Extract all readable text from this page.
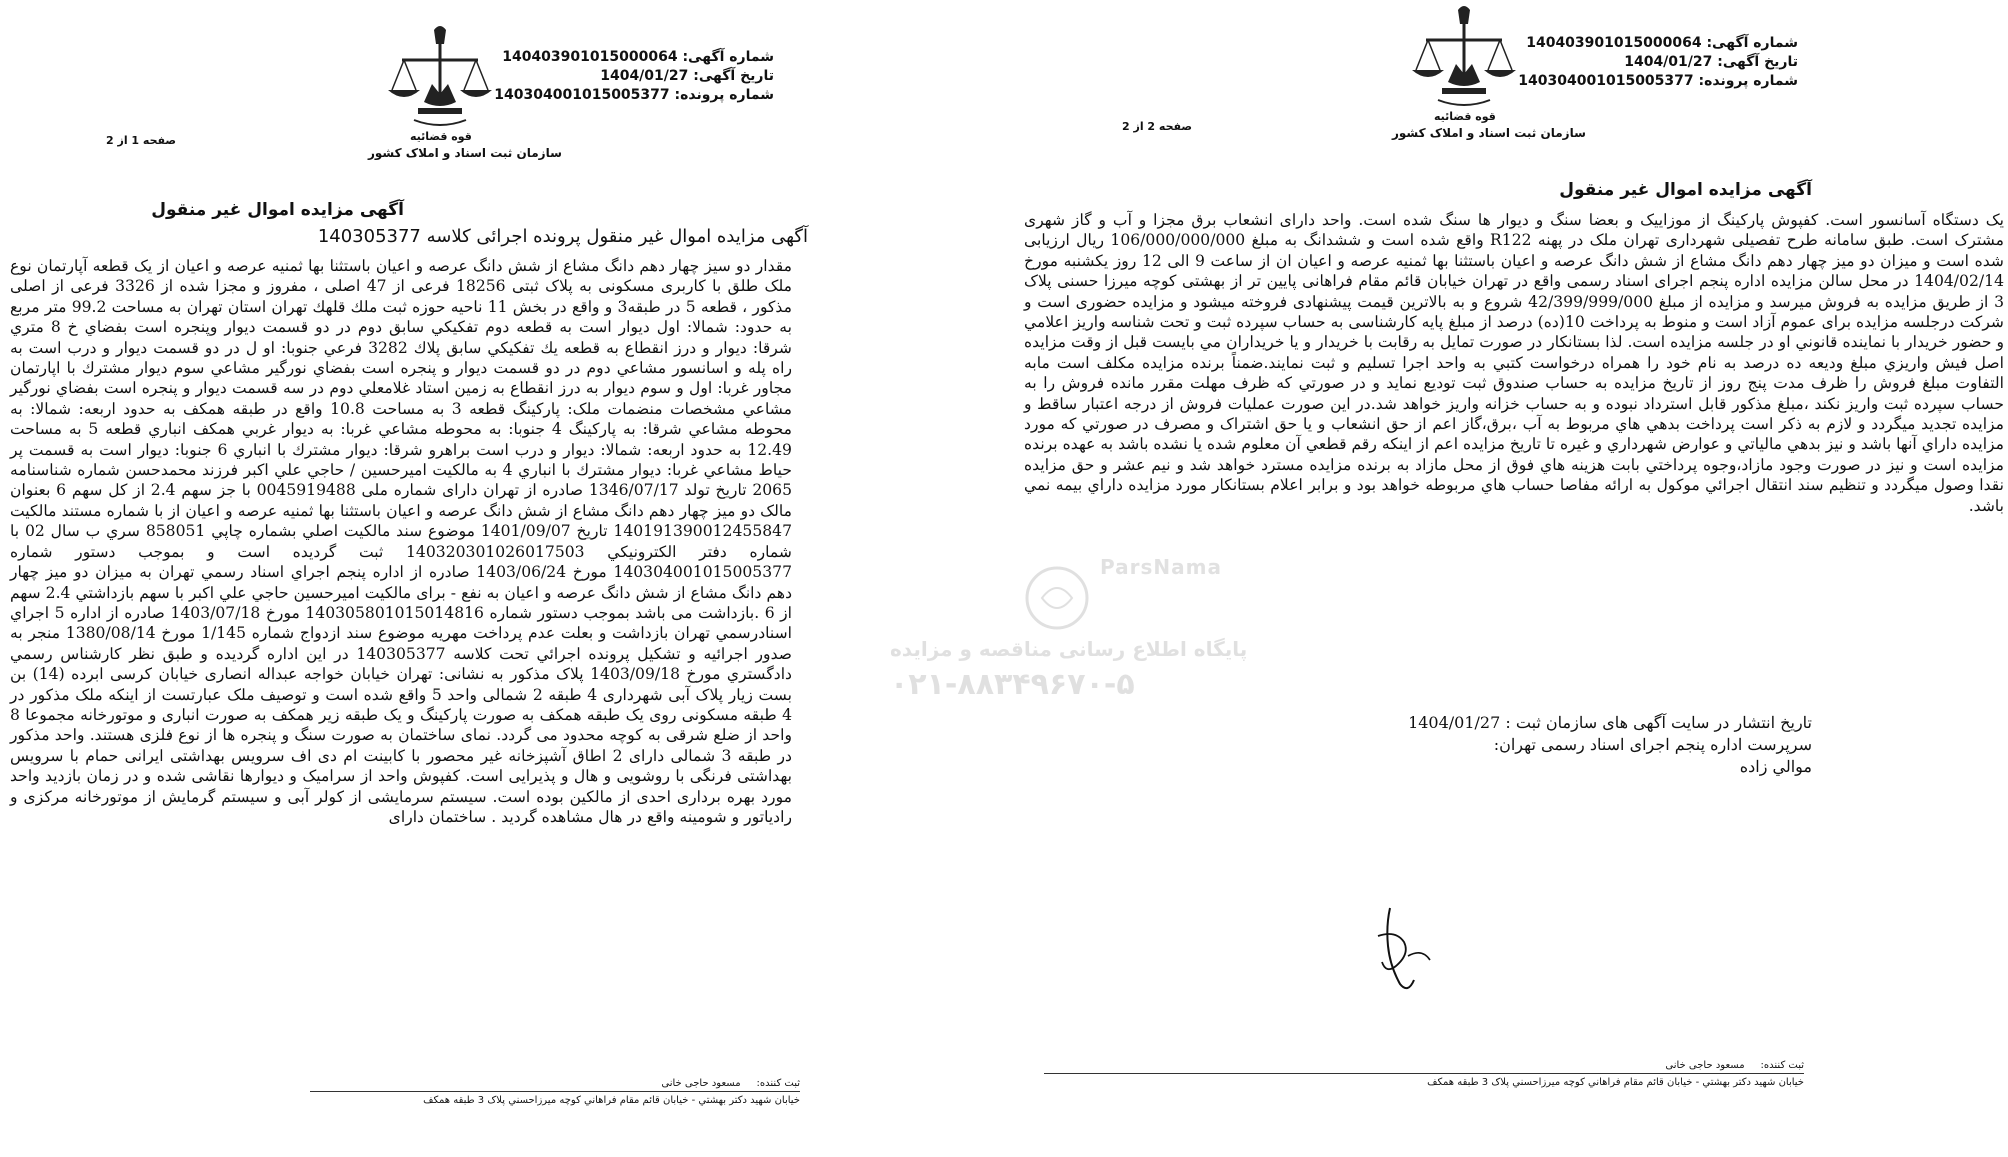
قوه قضائیه
سازمان ثبت اسناد و املاک کشور
شماره آگهی: 140403901015000064
تاریخ آگهی: 1404/01/27
شماره پرونده: 140304001015005377
صفحه 1 از 2
آگهی مزایده اموال غیر منقول
آگهی مزایده اموال غیر منقول پرونده اجرائی کلاسه 140305377

مقدار دو سیز چهار دهم دانگ مشاع از شش دانگ عرصه و اعیان باستثنا بها ثمنیه عرصه و اعیان از یک قطعه آپارتمان نوع ملک طلق با کاربری مسکونی به پلاک ثبتی 18256 فرعی از 47 اصلی ، مفروز و مجزا شده از 3326 فرعی از اصلی مذکور ، قطعه 5 در طبقه3 و واقع در بخش 11 ناحیه حوزه ثبت ملك قلهك تهران استان تهران به مساحت 99.2 متر مربع به حدود: شمالا: اول دیوار است به قطعه دوم تفکیکي سابق دوم در دو قسمت دیوار وپنجره است بفضاي خ 8 متري شرقا: دیوار و درز انقطاع به قطعه یك تفکیکي سابق پلاك 3282 فرعي جنوبا: او ل در دو قسمت دیوار و درب است به راه پله و اسانسور مشاعي دوم در دو قسمت دیوار و پنجره است بفضاي نورگیر مشاعي سوم دیوار مشترك با اپارتمان مجاور غربا: اول و سوم دیوار به درز انقطاع به زمین استاد غلامعلي دوم در سه قسمت دیوار و پنجره است بفضاي نورگیر مشاعي مشخصات منضمات ملک: پارکینگ قطعه 3 به مساحت 10.8 واقع در طبقه همکف به حدود اربعه: شمالا: به محوطه مشاعي شرقا: به پارکینگ 4 جنوبا: به محوطه مشاعي غربا: به دیوار غربي همکف انباري قطعه 5 به مساحت 12.49 به حدود اربعه: شمالا: دیوار و درب است براهرو شرقا: دیوار مشترك با انباري 6 جنوبا: دیوار است به قسمت پر حیاط مشاعي غربا: دیوار مشترك با انباري 4 به مالکیت امیرحسین / حاجي علي اکبر فرزند محمدحسن شماره شناسنامه 2065 تاریخ تولد 1346/07/17 صادره از تهران دارای شماره ملی 0045919488 با جز سهم 2.4 از کل سهم 6 بعنوان مالک دو میز چهار دهم دانگ مشاع از شش دانگ عرصه و اعیان باستثنا بها ثمنیه عرصه و اعیان از با شماره مستند مالکیت 140191390012455847 تاریخ 1401/09/07 موضوع سند مالکیت اصلي بشماره چاپي 858051 سري ب سال 02 با شماره دفتر الکترونیکي 140320301026017503 ثبت گردیده است و بموجب دستور شماره 140304001015005377 مورخ 1403/06/24 صادره از اداره پنجم اجراي اسناد رسمي تهران به میزان دو میز چهار دهم دانگ مشاع از شش دانگ عرصه و اعیان به نفع - برای مالکیت امیرحسین حاجي علي اکبر با سهم بازداشتي 2.4 سهم از 6 .بازداشت می باشد بموجب دستور شماره 140305801015014816 مورخ 1403/07/18 صادره از اداره 5 اجراي اسنادرسمي تهران بازداشت و بعلت عدم پرداخت مهریه موضوع سند ازدواج شماره 1/145 مورخ 1380/08/14 منجر به صدور اجرائیه و تشکیل پرونده اجرائي تحت کلاسه 140305377 در این اداره گردیده و طبق نظر کارشناس رسمي دادگستري مورخ 1403/09/18 پلاک مذکور به نشانی: تهران خیابان خواجه عبداله انصاری خیابان کرسی ابرده (14) بن بست زیار پلاک آبی شهرداری 4 طبقه 2 شمالی واحد 5 واقع شده است و توصیف ملک عبارتست از اینکه ملک مذکور در 4 طبقه مسکونی روی یک طبقه همکف به صورت پارکینگ و یک طبقه زیر همکف به صورت انباری و موتورخانه مجموعا 8 واحد از ضلع شرقی به کوچه محدود می گردد. نمای ساختمان به صورت سنگ و پنجره ها از نوع فلزی هستند. واحد مذکور در طبقه 3 شمالی دارای 2 اطاق آشپزخانه غیر محصور با کابینت ام دی اف سرویس بهداشتی ایرانی حمام با سرویس بهداشتی فرنگی با روشویی و هال و پذیرایی است. کفپوش واحد از سرامیک و دیوارها نقاشی شده و در زمان بازدید واحد مورد بهره برداری احدی از مالکین بوده است. سیستم سرمایشی از کولر آبی و سیستم گرمایش از موتورخانه مرکزی و رادیاتور و شومینه واقع در هال مشاهده گردید . ساختمان دارای

ثبت کننده:
مسعود حاجی خانی
خیابان شهید دکتر بهشتي - خیابان قائم مقام فراهاني کوچه میرزاحسني پلاک 3 طبقه همکف
قوه قضائیه
سازمان ثبت اسناد و املاک کشور
شماره آگهی: 140403901015000064
تاریخ آگهی: 1404/01/27
شماره پرونده: 140304001015005377
صفحه 2 از 2
آگهی مزایده اموال غیر منقول

یک دستگاه آسانسور است. کفپوش پارکینگ از موزاییک و بعضا سنگ و دیوار ها سنگ شده است. واحد دارای انشعاب برق مجزا و آب و گاز شهری مشترک است. طبق سامانه طرح تفصیلی شهرداری تهران ملک در پهنه R122 واقع شده است و ششدانگ به مبلغ 106/000/000/000 ریال ارزیابی شده است و میزان دو میز چهار دهم دانگ مشاع از شش دانگ عرصه و اعیان باستثنا بها ثمنیه عرصه و اعیان ان از ساعت 9 الی 12 روز یکشنبه مورخ 1404/02/14 در محل سالن مزایده اداره پنجم اجرای اسناد رسمی واقع در تهران خیابان قائم مقام فراهانی پایین تر از بهشتی کوچه میرزا حسنی پلاک 3 از طریق مزایده به فروش میرسد و مزایده از مبلغ 42/399/999/000 شروع و به بالاترین قیمت پیشنهادی فروخته میشود و مزایده حضوری است و شرکت درجلسه مزایده برای عموم آزاد است و منوط به پرداخت 10(ده) درصد از مبلغ پایه کارشناسی به حساب سپرده ثبت و تحت شناسه واریز اعلامي و حضور خریدار با نماینده قانوني او در جلسه مزایده است. لذا بستانکار در صورت تمایل به رقابت با خریدار و یا خریداران مي بایست قبل از وقت مزایده اصل فیش واریزي مبلغ ودیعه ده درصد به نام خود را همراه درخواست کتبي به واحد اجرا تسلیم و ثبت نمایند.ضمناً برنده مزایده مکلف است مابه التفاوت مبلغ فروش را ظرف مدت پنج روز از تاریخ مزایده به حساب صندوق ثبت تودیع نماید و در صورتي که ظرف مهلت مقرر مانده فروش را به حساب سپرده ثبت واریز نکند ،مبلغ مذکور قابل استرداد نبوده و به حساب خزانه واریز خواهد شد.در این صورت عملیات فروش از درجه اعتبار ساقط و مزایده تجدید میگردد و لازم به ذکر است پرداخت بدهي هاي مربوط به آب ،برق،گاز اعم از حق انشعاب و یا حق اشتراک و مصرف در صورتي که مورد مزایده داراي آنها باشد و نیز بدهي مالیاتي و عوارض شهرداري و غیره تا تاریخ مزایده اعم از اینکه رقم قطعي آن معلوم شده یا نشده باشد به عهده برنده مزایده است و نیز در صورت وجود مازاد،وجوه پرداختي بابت هزینه هاي فوق از محل مازاد به برنده مزایده مسترد خواهد شد و نیم عشر و حق مزایده نقدا وصول میگردد و تنظیم سند انتقال اجرائي موکول به ارائه مفاصا حساب هاي مربوطه خواهد بود و برابر اعلام بستانکار مورد مزایده داراي بیمه نمي باشد.

تاریخ انتشار در سایت آگهی های سازمان ثبت : 1404/01/27
سرپرست اداره پنجم اجرای اسناد رسمی تهران:
موالي زاده
ثبت کننده:
مسعود حاجی خانی
خیابان شهید دکتر بهشتي - خیابان قائم مقام فراهاني کوچه میرزاحسني پلاک 3 طبقه همکف
ParsNama
پایگاه اطلاع رسانی مناقصه و مزایده
۰۲۱-۸۸۳۴۹۶۷۰-۵
